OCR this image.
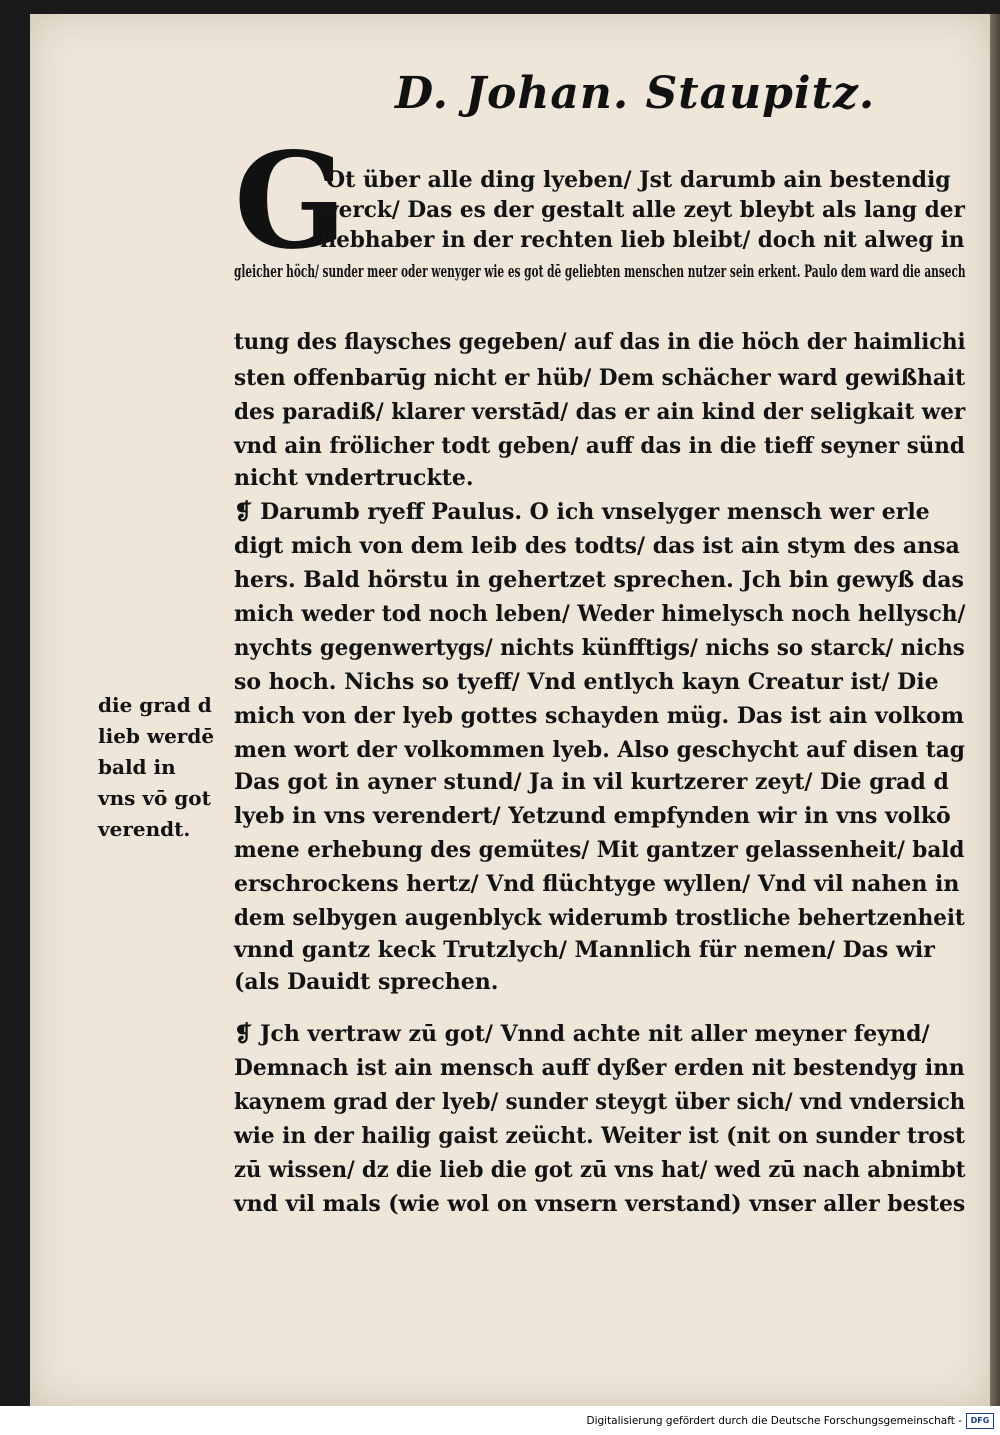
D. Johan. Staupitz.
G
Ot über alle ding lyeben/ Jst darumb ain bestendig
werck/ Das es der gestalt alle zeyt bleybt als lang der
liebhaber in der rechten lieb bleibt/ doch nit alweg in
gleicher höch/ sunder meer oder wenyger wie es got dē geliebten menschen nutzer sein erkent. Paulo dem ward die ansech
tung des flaysches gegeben/ auf das in die höch der haimlichi
sten offenbarūg nicht er hüb/ Dem schächer ward gewißhait
des paradiß/ klarer verstād/ das er ain kind der seligkait wer
vnd ain frölicher todt geben/ auff das in die tieff seyner sünd
nicht vndertruckte.
❡ Darumb ryeff Paulus. O ich vnselyger mensch wer erle
digt mich von dem leib des todts/ das ist ain stym des ansa
hers. Bald hörstu in gehertzet sprechen. Jch bin gewyß das
mich weder tod noch leben/ Weder himelysch noch hellysch/
nychts gegenwertygs/ nichts künfftigs/ nichs so starck/ nichs
so hoch. Nichs so tyeff/ Vnd entlych kayn Creatur ist/ Die
mich von der lyeb gottes schayden müg. Das ist ain volkom
men wort der volkommen lyeb. Also geschycht auf disen tag
Das got in ayner stund/ Ja in vil kurtzerer zeyt/ Die grad d
lyeb in vns verendert/ Yetzund empfynden wir in vns volkō
mene erhebung des gemütes/ Mit gantzer gelassenheit/ bald
erschrockens hertz/ Vnd flüchtyge wyllen/ Vnd vil nahen in
dem selbygen augenblyck widerumb trostliche behertzenheit
vnnd gantz keck Trutzlych/ Mannlich für nemen/ Das wir
(als Dauidt sprechen.
❡ Jch vertraw zū got/ Vnnd achte nit aller meyner feynd/
Demnach ist ain mensch auff dyßer erden nit bestendyg inn
kaynem grad der lyeb/ sunder steygt über sich/ vnd vndersich
wie in der hailig gaist zeücht. Weiter ist (nit on sunder trost
zū wissen/ dz die lieb die got zū vns hat/ wed zū nach abnimbt
vnd vil mals (wie wol on vnsern verstand) vnser aller bestes
die grad d
lieb werdē
bald in
vns vō got
verendt.
Digitalisierung gefördert durch die Deutsche Forschungsgemeinschaft -	DFG
